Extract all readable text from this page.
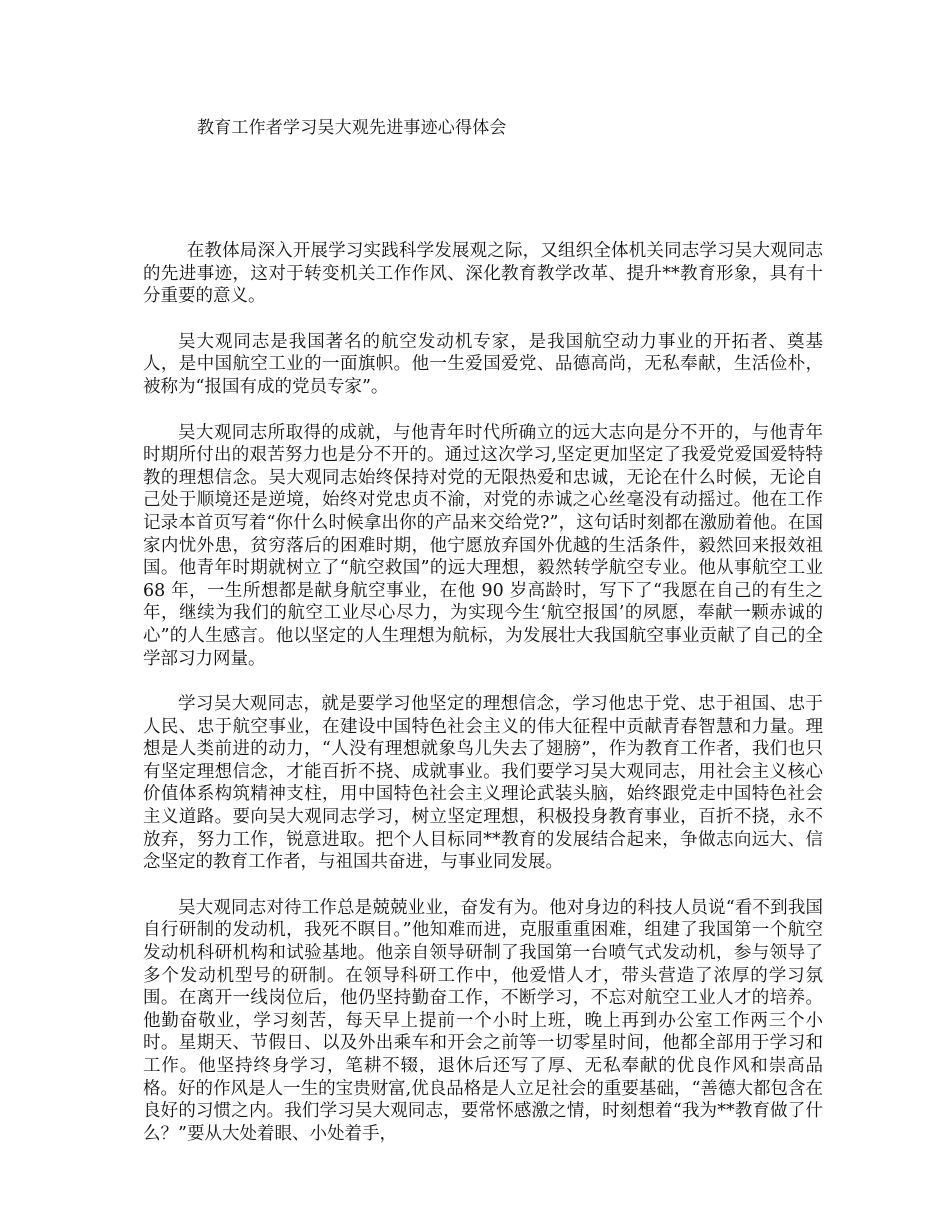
教育工作者学习吴大观先进事迹心得体会

在教体局深入开展学习实践科学发展观之际，又组织全体机关同志学习吴大观同志的先进事迹，这对于转变机关工作作风、深化教育教学改革、提升**教育形象，具有十分重要的意义。

吴大观同志是我国著名的航空发动机专家，是我国航空动力事业的开拓者、奠基人，是中国航空工业的一面旗帜。他一生爱国爱党、品德高尚，无私奉献，生活俭朴，被称为“报国有成的党员专家”。

吴大观同志所取得的成就，与他青年时代所确立的远大志向是分不开的，与他青年时期所付出的艰苦努力也是分不开的。通过这次学习,坚定更加坚定了我爱党爱国爱特特教的理想信念。吴大观同志始终保持对党的无限热爱和忠诚，无论在什么时候，无论自己处于顺境还是逆境，始终对党忠贞不渝，对党的赤诚之心丝毫没有动摇过。他在工作记录本首页写着“你什么时候拿出你的产品来交给党?”，这句话时刻都在激励着他。在国家内忧外患，贫穷落后的困难时期，他宁愿放弃国外优越的生活条件，毅然回来报效祖国。他青年时期就树立了“航空救国”的远大理想，毅然转学航空专业。他从事航空工业 68 年，一生所想都是献身航空事业，在他 90 岁高龄时，写下了“我愿在自己的有生之年，继续为我们的航空工业尽心尽力，为实现今生‘航空报国’的夙愿，奉献一颗赤诚的心”的人生感言。他以坚定的人生理想为航标，为发展壮大我国航空事业贡献了自己的全学部习力网量。

学习吴大观同志，就是要学习他坚定的理想信念，学习他忠于党、忠于祖国、忠于人民、忠于航空事业，在建设中国特色社会主义的伟大征程中贡献青春智慧和力量。理想是人类前进的动力，“人没有理想就象鸟儿失去了翅膀”，作为教育工作者，我们也只有坚定理想信念，才能百折不挠、成就事业。我们要学习吴大观同志，用社会主义核心价值体系构筑精神支柱，用中国特色社会主义理论武装头脑，始终跟党走中国特色社会主义道路。要向吴大观同志学习，树立坚定理想，积极投身教育事业，百折不挠，永不放弃，努力工作，锐意进取。把个人目标同**教育的发展结合起来，争做志向远大、信念坚定的教育工作者，与祖国共奋进，与事业同发展。

吴大观同志对待工作总是兢兢业业，奋发有为。他对身边的科技人员说“看不到我国自行研制的发动机，我死不瞑目。”他知难而进，克服重重困难，组建了我国第一个航空发动机科研机构和试验基地。他亲自领导研制了我国第一台喷气式发动机，参与领导了多个发动机型号的研制。在领导科研工作中，他爱惜人才，带头营造了浓厚的学习氛围。在离开一线岗位后，他仍坚持勤奋工作，不断学习，不忘对航空工业人才的培养。他勤奋敬业，学习刻苦，每天早上提前一个小时上班，晚上再到办公室工作两三个小时。星期天、节假日、以及外出乘车和开会之前等一切零星时间，他都全部用于学习和工作。他坚持终身学习，笔耕不辍，退休后还写了厚、无私奉献的优良作风和崇高品格。好的作风是人一生的宝贵财富,优良品格是人立足社会的重要基础，“善德大都包含在良好的习惯之内。我们学习吴大观同志，要常怀感激之情，时刻想着“我为**教育做了什么？”要从大处着眼、小处着手，
